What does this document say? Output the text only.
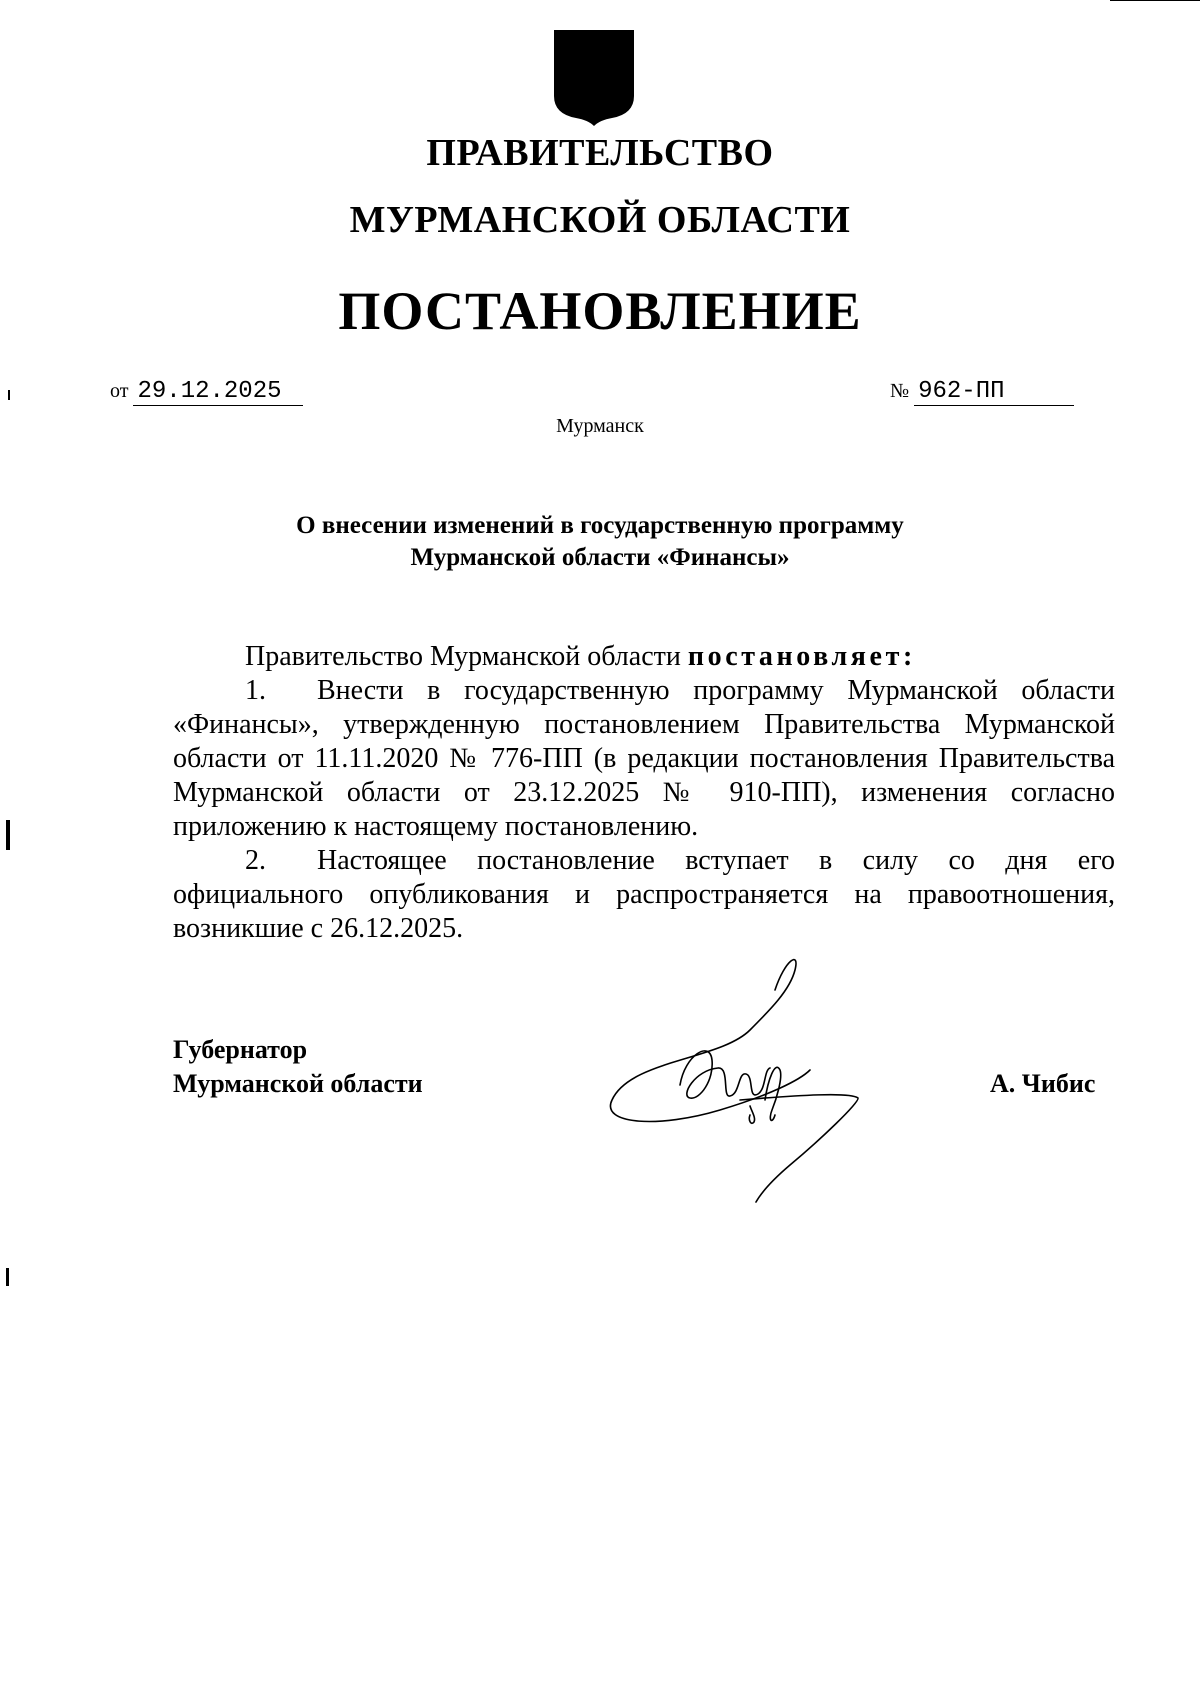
ПРАВИТЕЛЬСТВО
МУРМАНСКОЙ ОБЛАСТИ
ПОСТАНОВЛЕНИЕ
от 29.12.2025	№ 962-ПП
Мурманск
О внесении изменений в государственную программу
Мурманской области «Финансы»

Правительство Мурманской области постановляет:

1. Внести в государственную программу Мурманской области «Финансы», утвержденную постановлением Правительства Мурманской области от 11.11.2020 № 776-ПП (в редакции постановления Правительства Мурманской области от 23.12.2025 № 910-ПП), изменения согласно приложению к настоящему постановлению.

2. Настоящее постановление вступает в силу со дня его официального опубликования и распространяется на правоотношения, возникшие с 26.12.2025.

Губернатор
Мурманской области	А. Чибис
